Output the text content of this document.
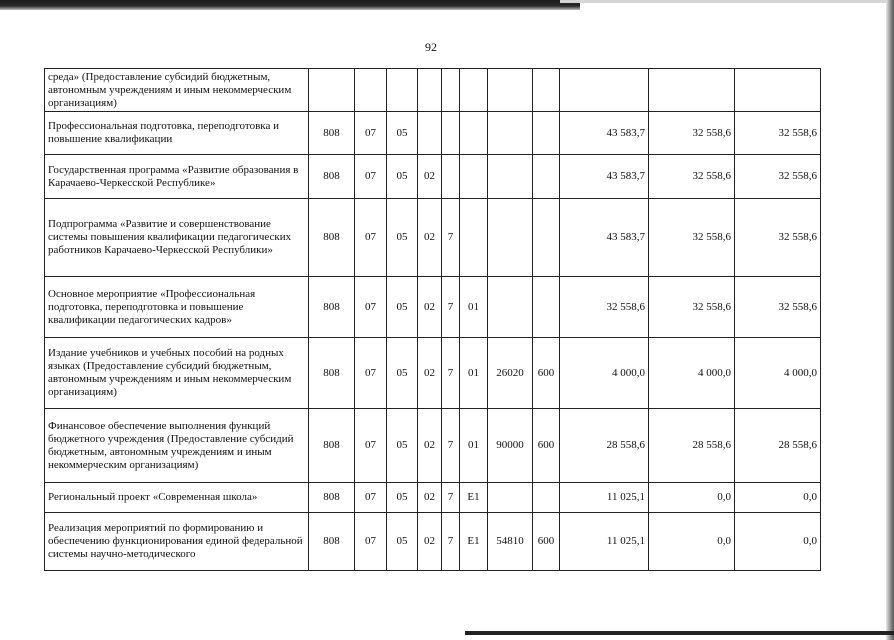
92
среда» (Предоставление субсидий бюджетным, автономным учреждениям и иным некоммерческим организациям)											
Профессиональная подготовка, переподготовка и повышение квалификации	808	07	05						43 583,7	32 558,6	32 558,6
Государственная программа «Развитие образования в Карачаево-Черкесской Республике»	808	07	05	02					43 583,7	32 558,6	32 558,6
Подпрограмма «Развитие и совершенствование системы повышения квалификации педагогических работников Карачаево-Черкесской Республики»	808	07	05	02	7				43 583,7	32 558,6	32 558,6
Основное мероприятие «Профессиональная подготовка, переподготовка и повышение квалификации педагогических кадров»	808	07	05	02	7	01			32 558,6	32 558,6	32 558,6
Издание учебников и учебных пособий на родных языках (Предоставление субсидий бюджетным, автономным учреждениям и иным некоммерческим организациям)	808	07	05	02	7	01	26020	600	4 000,0	4 000,0	4 000,0
Финансовое обеспечение выполнения функций бюджетного учреждения (Предоставление субсидий бюджетным, автономным учреждениям и иным некоммерческим организациям)	808	07	05	02	7	01	90000	600	28 558,6	28 558,6	28 558,6
Региональный проект «Современная школа»	808	07	05	02	7	E1			11 025,1	0,0	0,0
Реализация мероприятий по формированию и обеспечению функционирования единой федеральной системы научно-методического	808	07	05	02	7	E1	54810	600	11 025,1	0,0	0,0
